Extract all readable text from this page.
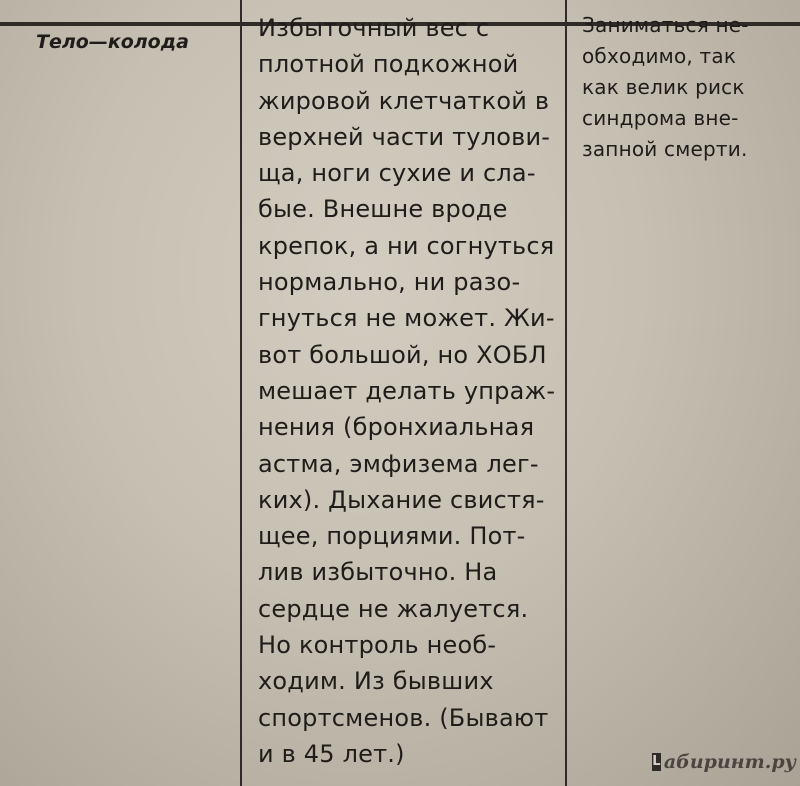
Тело—колода	Избыточный вес с
плотной подкожной
жировой клетчаткой в
верхней части тулови-
ща, ноги сухие и сла-
бые. Внешне вроде
крепок, а ни согнуться
нормально, ни разо-
гнуться не может. Жи-
вот большой, но ХОБЛ
мешает делать упраж-
нения (бронхиальная
астма, эмфизема лег-
ких). Дыхание свистя-
щее, порциями. Пот-
лив избыточно. На
сердце не жалуется.
Но контроль необ-
ходим. Из бывших
спортсменов. (Бывают
и в 45 лет.)
Заниматься не-
обходимо, так
как велик риск
синдрома вне-
запной смерти.
L абиринт.ру
